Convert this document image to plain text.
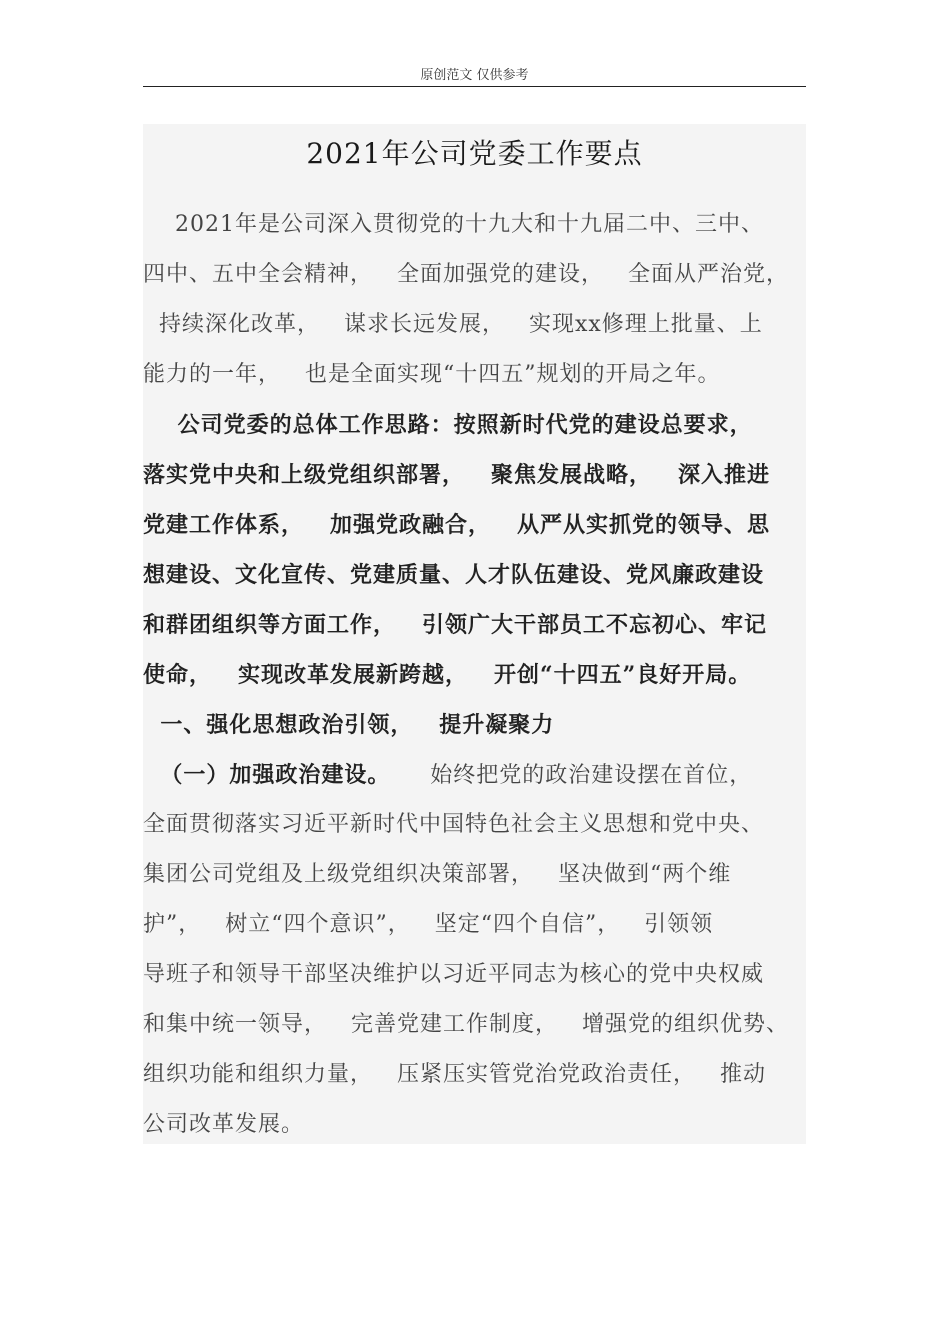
原创范文 仅供参考
2021年公司党委工作要点
2021年是公司深入贯彻党的十九大和十九届二中、三中、
四中、五中全会精神，   全面加强党的建设，   全面从严治党，
持续深化改革，   谋求长远发展，   实现xx修理上批量、上
能力的一年，   也是全面实现“十四五”规划的开局之年。
公司党委的总体工作思路：按照新时代党的建设总要求，
落实党中央和上级党组织部署，   聚焦发展战略，   深入推进
党建工作体系，   加强党政融合，   从严从实抓党的领导、思
想建设、文化宣传、党建质量、人才队伍建设、党风廉政建设
和群团组织等方面工作，   引领广大干部员工不忘初心、牢记
使命，   实现改革发展新跨越，   开创“十四五”良好开局。
一、强化思想政治引领，   提升凝聚力
（一）加强政治建设。     始终把党的政治建设摆在首位，
全面贯彻落实习近平新时代中国特色社会主义思想和党中央、
集团公司党组及上级党组织决策部署，   坚决做到“两个维
护”，   树立“四个意识”，   坚定“四个自信”，   引领领
导班子和领导干部坚决维护以习近平同志为核心的党中央权威
和集中统一领导，   完善党建工作制度，   增强党的组织优势、
组织功能和组织力量，   压紧压实管党治党政治责任，   推动
公司改革发展。
